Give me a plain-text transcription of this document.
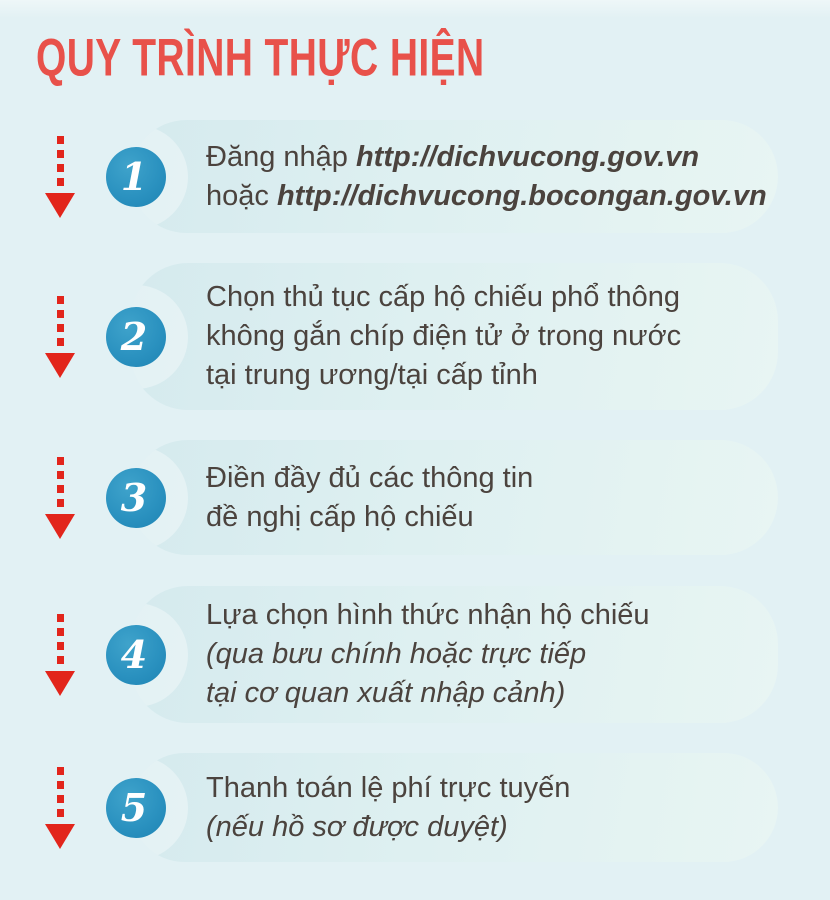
QUY TRÌNH THỰC HIỆN
Đăng nhập http://dichvucong.gov.vn
hoặc http://dichvucong.bocongan.gov.vn
1
Chọn thủ tục cấp hộ chiếu phổ thông
không gắn chíp điện tử ở trong nước
tại trung ương/tại cấp tỉnh
2
Điền đầy đủ các thông tin
đề nghị cấp hộ chiếu
3
Lựa chọn hình thức nhận hộ chiếu
(qua bưu chính hoặc trực tiếp
tại cơ quan xuất nhập cảnh)
4
Thanh toán lệ phí trực tuyến
(nếu hồ sơ được duyệt)
5
